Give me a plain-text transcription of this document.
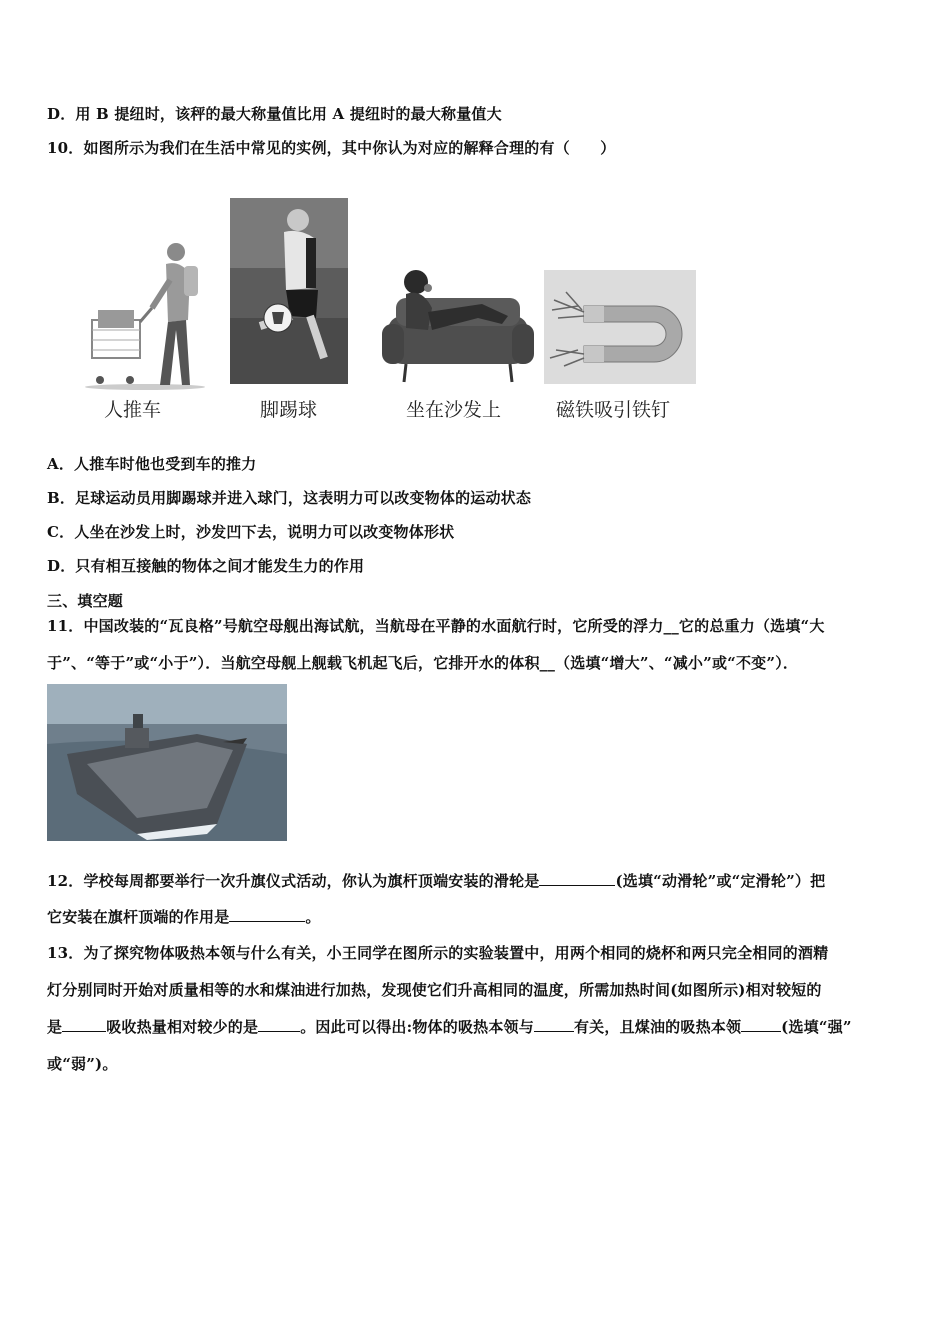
D．用 B 提纽时，该秤的最大称量值比用 A 提纽时的最大称量值大
10．如图所示为我们在生活中常见的实例，其中你认为对应的解释合理的有（　　）
人推车	脚踢球	坐在沙发上	磁铁吸引铁钉
A．人推车时他也受到车的推力
B．足球运动员用脚踢球并进入球门，这表明力可以改变物体的运动状态
C．人坐在沙发上时，沙发凹下去，说明力可以改变物体形状
D．只有相互接触的物体之间才能发生力的作用
三、填空题
11．中国改装的“瓦良格”号航空母舰出海试航，当航母在平静的水面航行时，它所受的浮力__它的总重力（选填“大
于”、“等于”或“小于”）．当航空母舰上舰载飞机起飞后，它排开水的体积__（选填“增大”、“减小”或“不变”）．
12．学校每周都要举行一次升旗仪式活动，你认为旗杆顶端安装的滑轮是	(选填“动滑轮”或“定滑轮”）把
它安装在旗杆顶端的作用是	。
13．为了探究物体吸热本领与什么有关，小王同学在图所示的实验装置中，用两个相同的烧杯和两只完全相同的酒精
灯分别同时开始对质量相等的水和煤油进行加热，发现使它们升高相同的温度，所需加热时间(如图所示)相对较短的
是	吸收热量相对较少的是	。因此可以得出:物体的吸热本领与	有关，且煤油的吸热本领	(选填“强”
或“弱”)。
